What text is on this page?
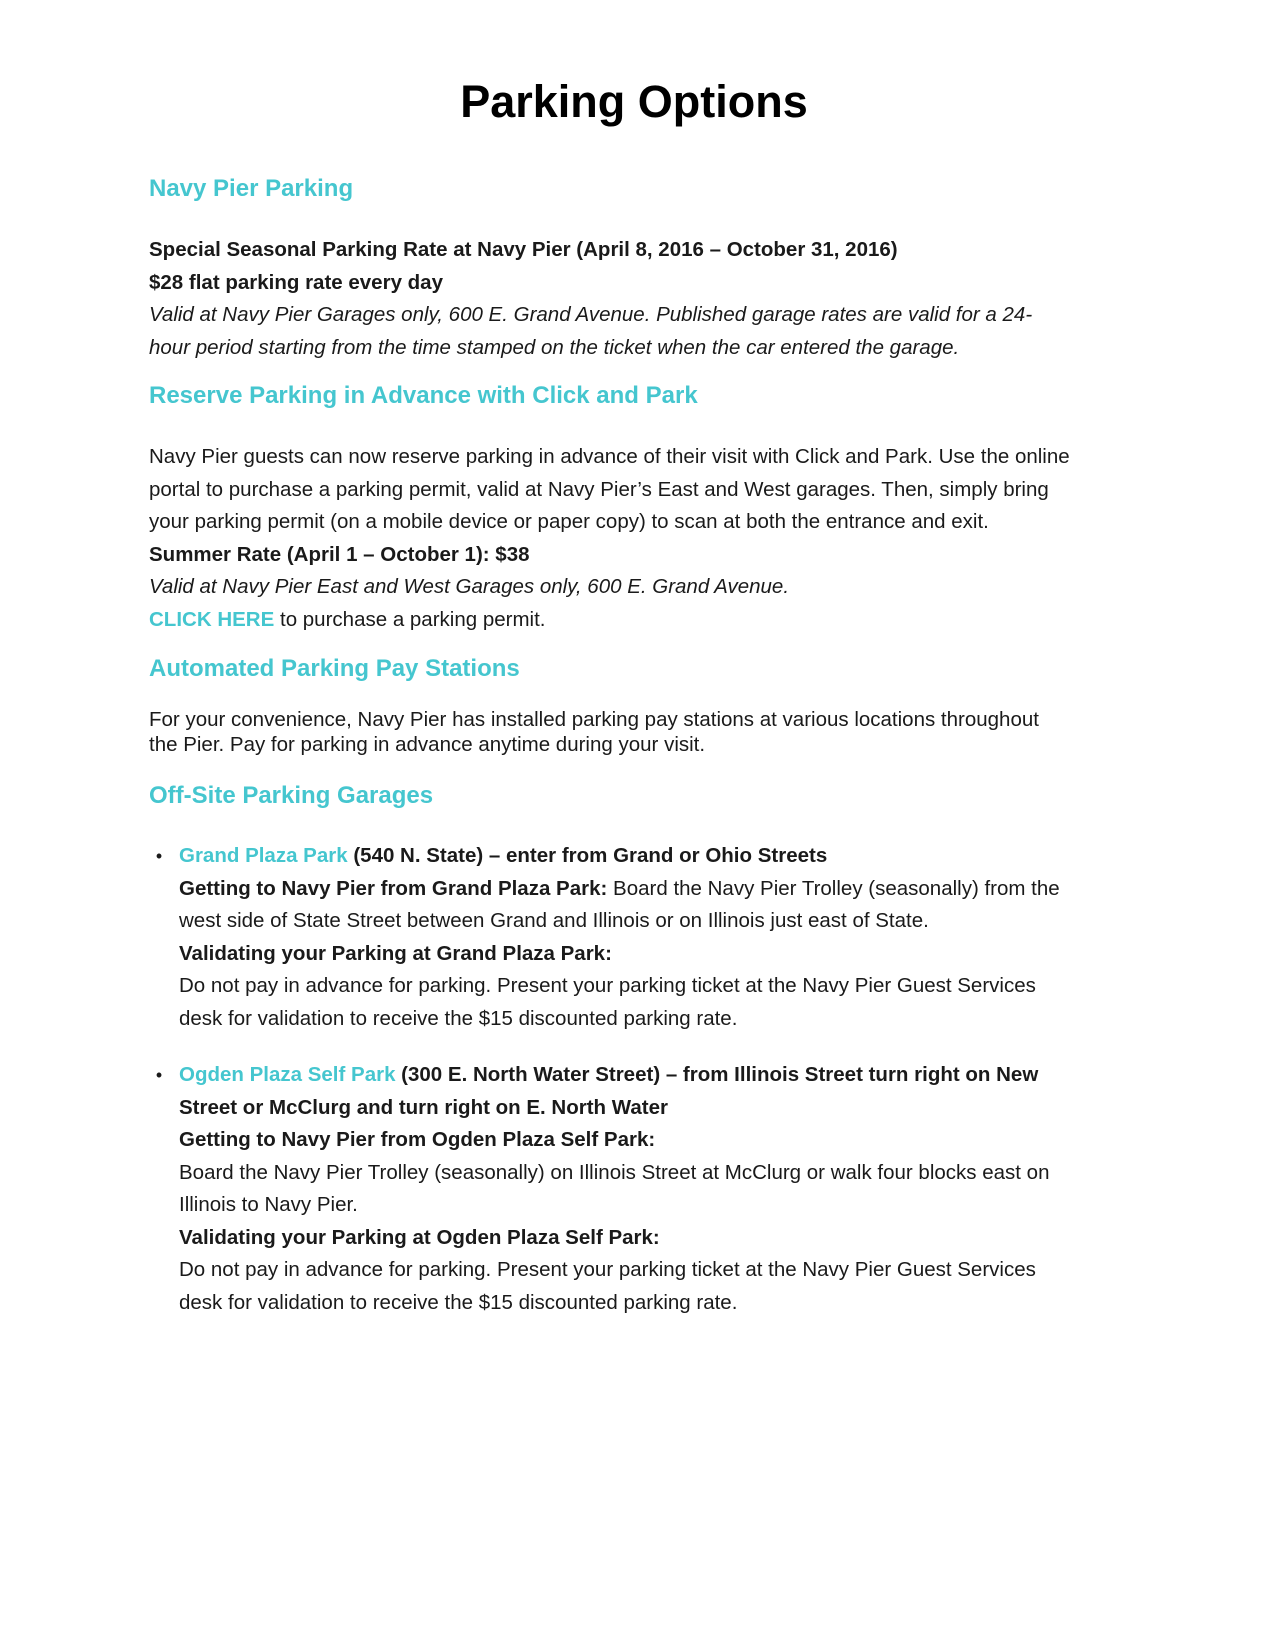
Parking Options
Navy Pier Parking
Special Seasonal Parking Rate at Navy Pier (April 8, 2016 – October 31, 2016)
$28 flat parking rate every day
Valid at Navy Pier Garages only, 600 E. Grand Avenue. Published garage rates are valid for a 24-hour period starting from the time stamped on the ticket when the car entered the garage.
Reserve Parking in Advance with Click and Park
Navy Pier guests can now reserve parking in advance of their visit with Click and Park. Use the online portal to purchase a parking permit, valid at Navy Pier’s East and West garages. Then, simply bring your parking permit (on a mobile device or paper copy) to scan at both the entrance and exit.
Summer Rate (April 1 – October 1): $38
Valid at Navy Pier East and West Garages only, 600 E. Grand Avenue.
CLICK HERE to purchase a parking permit.
Automated Parking Pay Stations
For your convenience, Navy Pier has installed parking pay stations at various locations throughout the Pier. Pay for parking in advance anytime during your visit.
Off-Site Parking Garages
• Grand Plaza Park (540 N. State) – enter from Grand or Ohio Streets
Getting to Navy Pier from Grand Plaza Park: Board the Navy Pier Trolley (seasonally) from the west side of State Street between Grand and Illinois or on Illinois just east of State.
Validating your Parking at Grand Plaza Park:
Do not pay in advance for parking. Present your parking ticket at the Navy Pier Guest Services desk for validation to receive the $15 discounted parking rate.
• Ogden Plaza Self Park (300 E. North Water Street) – from Illinois Street turn right on New Street or McClurg and turn right on E. North Water
Getting to Navy Pier from Ogden Plaza Self Park:
Board the Navy Pier Trolley (seasonally) on Illinois Street at McClurg or walk four blocks east on Illinois to Navy Pier.
Validating your Parking at Ogden Plaza Self Park:
Do not pay in advance for parking. Present your parking ticket at the Navy Pier Guest Services desk for validation to receive the $15 discounted parking rate.
